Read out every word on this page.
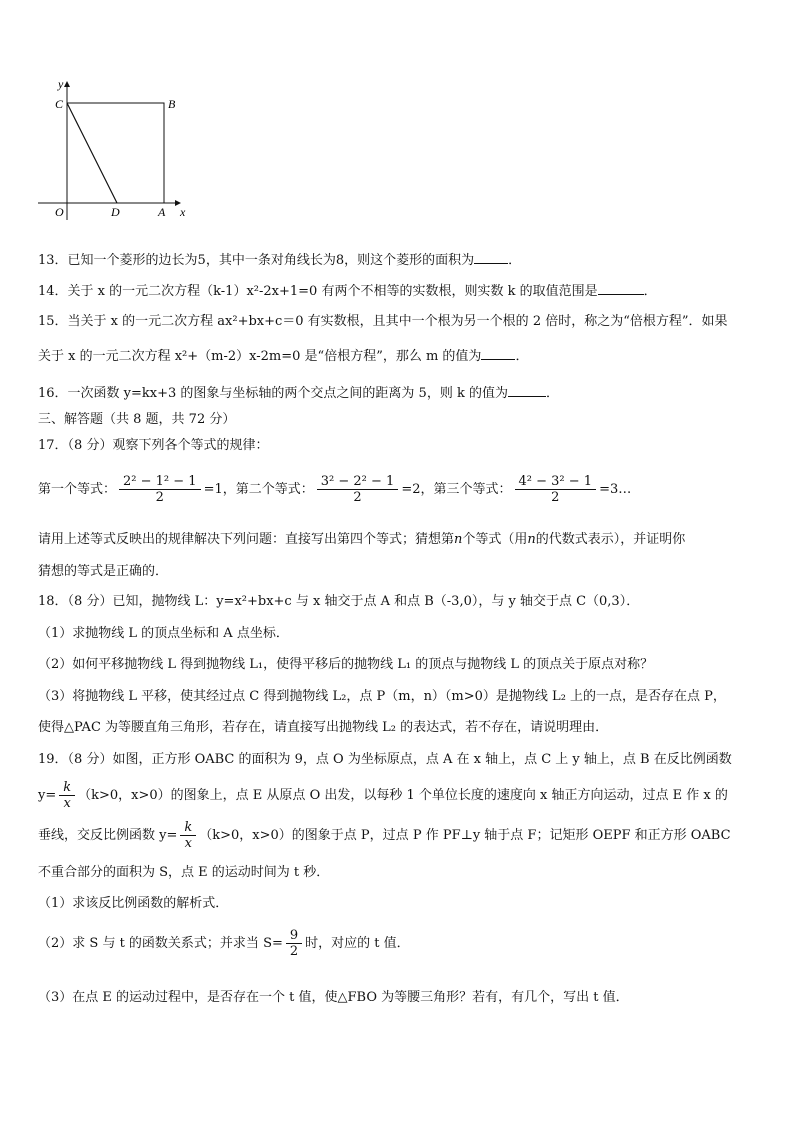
y
C	B
O	D	A x
13．已知一个菱形的边长为5，其中一条对角线长为8，则这个菱形的面积为	．
14．关于 x 的一元二次方程（k-1）x²-2x+1=0 有两个不相等的实数根，则实数 k 的取值范围是	．
15．当关于 x 的一元二次方程 ax²+bx+c＝0 有实数根，且其中一个根为另一个根的 2 倍时，称之为“倍根方程”．如果
关于 x 的一元二次方程 x²+（m-2）x-2m=0 是“倍根方程”，那么 m 的值为	．
16．一次函数 y=kx+3 的图象与坐标轴的两个交点之间的距离为 5，则 k 的值为	．
三、解答题（共 8 题，共 72 分）
17．（8 分）观察下列各个等式的规律：
第一个等式： $\frac{\text{2² − 1² − 1}}{2} =1$，第二个等式： $\frac{\text{3² − 2² − 1}}{2} =2$，第三个等式： $\frac{\text{4² − 3² − 1}}{2}$ =3…
请用上述等式反映出的规律解决下列问题：直接写出第四个等式；猜想第n个等式（用n的代数式表示），并证明你
猜想的等式是正确的．
18．（8 分）已知，抛物线 L：y=x²+bx+c 与 x 轴交于点 A 和点 B（-3,0），与 y 轴交于点 C（0,3）．
（1）求抛物线 L 的顶点坐标和 A 点坐标．
（2）如何平移抛物线 L 得到抛物线 L₁，使得平移后的抛物线 L₁ 的顶点与抛物线 L 的顶点关于原点对称？
（3）将抛物线 L 平移，使其经过点 C 得到抛物线 L₂，点 P（m，n）（m>0）是抛物线 L₂ 上的一点，是否存在点 P，
使得△PAC 为等腰直角三角形，若存在，请直接写出抛物线 L₂ 的表达式，若不存在，请说明理由．
19．（8 分）如图，正方形 OABC 的面积为 9，点 O 为坐标原点，点 A 在 x 轴上，点 C 上 y 轴上，点 B 在反比例函数
$y= \frac{k}{x} (k>0$，x>0）的图象上，点 E 从原点 O 出发，以每秒 1 个单位长度的速度向 x 轴正方向运动，过点 E 作 x 的
垂线，交反比例函数 $y= \frac{k}{x} (k>0$，x>0）的图象于点 P，过点 P 作 PF⊥y 轴于点 F；记矩形 OEPF 和正方形 OABC
不重合部分的面积为 S，点 E 的运动时间为 t 秒．
（1）求该反比例函数的解析式．
（2）求 S 与 t 的函数关系式；并求当 $S= \frac{9}{2}$ 时，对应的 t 值．
（3）在点 E 的运动过程中，是否存在一个 t 值，使△FBO 为等腰三角形？若有，有几个，写出 t 值．
